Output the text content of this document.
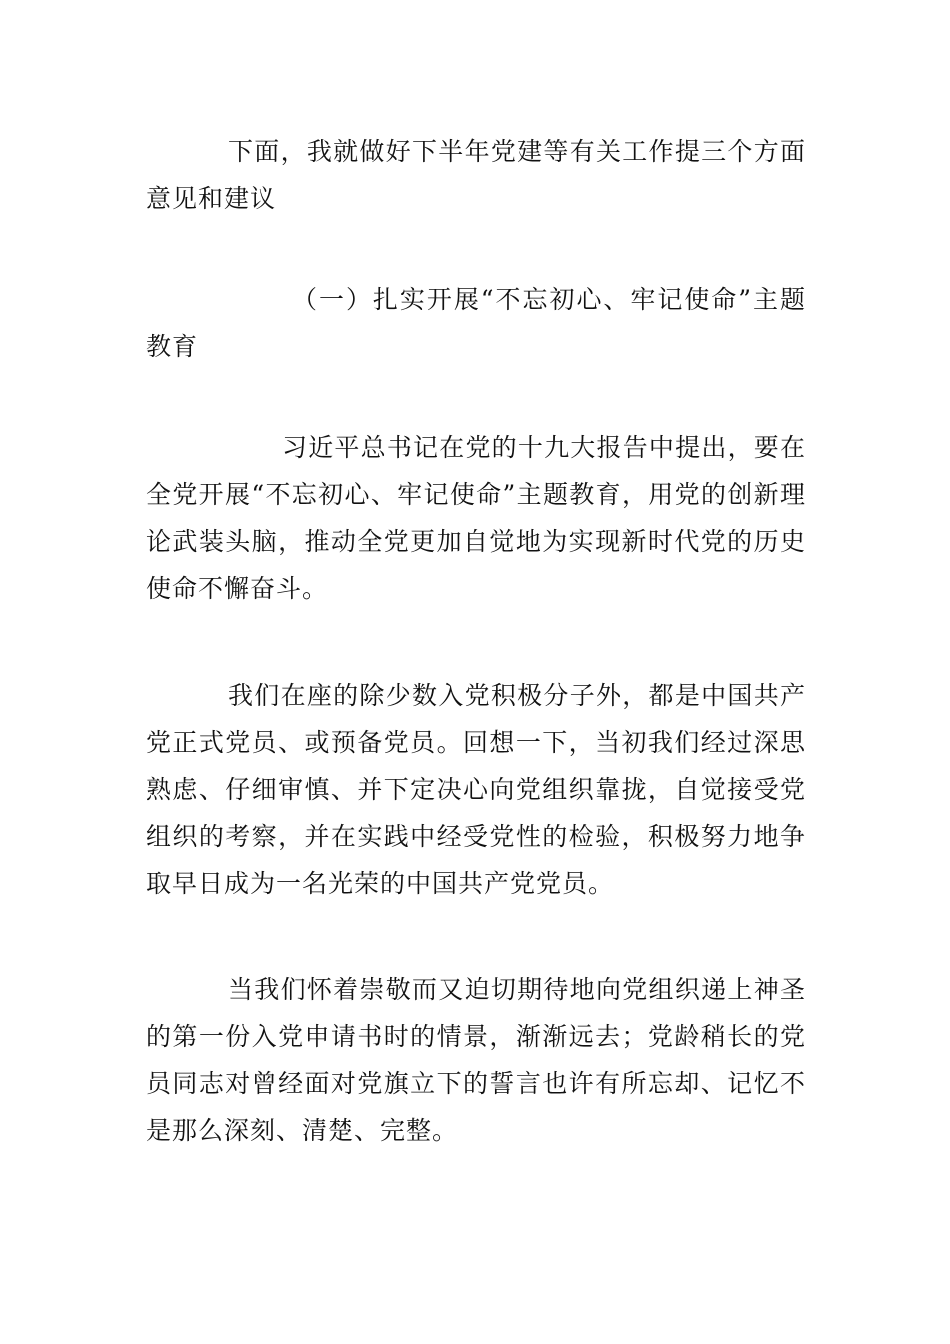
下面，我就做好下半年党建等有关工作提三个方面意见和建议

（一）扎实开展“不忘初心、牢记使命”主题教育

习近平总书记在党的十九大报告中提出，要在全党开展“不忘初心、牢记使命”主题教育，用党的创新理论武装头脑，推动全党更加自觉地为实现新时代党的历史使命不懈奋斗。

我们在座的除少数入党积极分子外，都是中国共产党正式党员、或预备党员。回想一下，当初我们经过深思熟虑、仔细审慎、并下定决心向党组织靠拢，自觉接受党组织的考察，并在实践中经受党性的检验，积极努力地争取早日成为一名光荣的中国共产党党员。

当我们怀着崇敬而又迫切期待地向党组织递上神圣的第一份入党申请书时的情景，渐渐远去；党龄稍长的党员同志对曾经面对党旗立下的誓言也许有所忘却、记忆不是那么深刻、清楚、完整。
